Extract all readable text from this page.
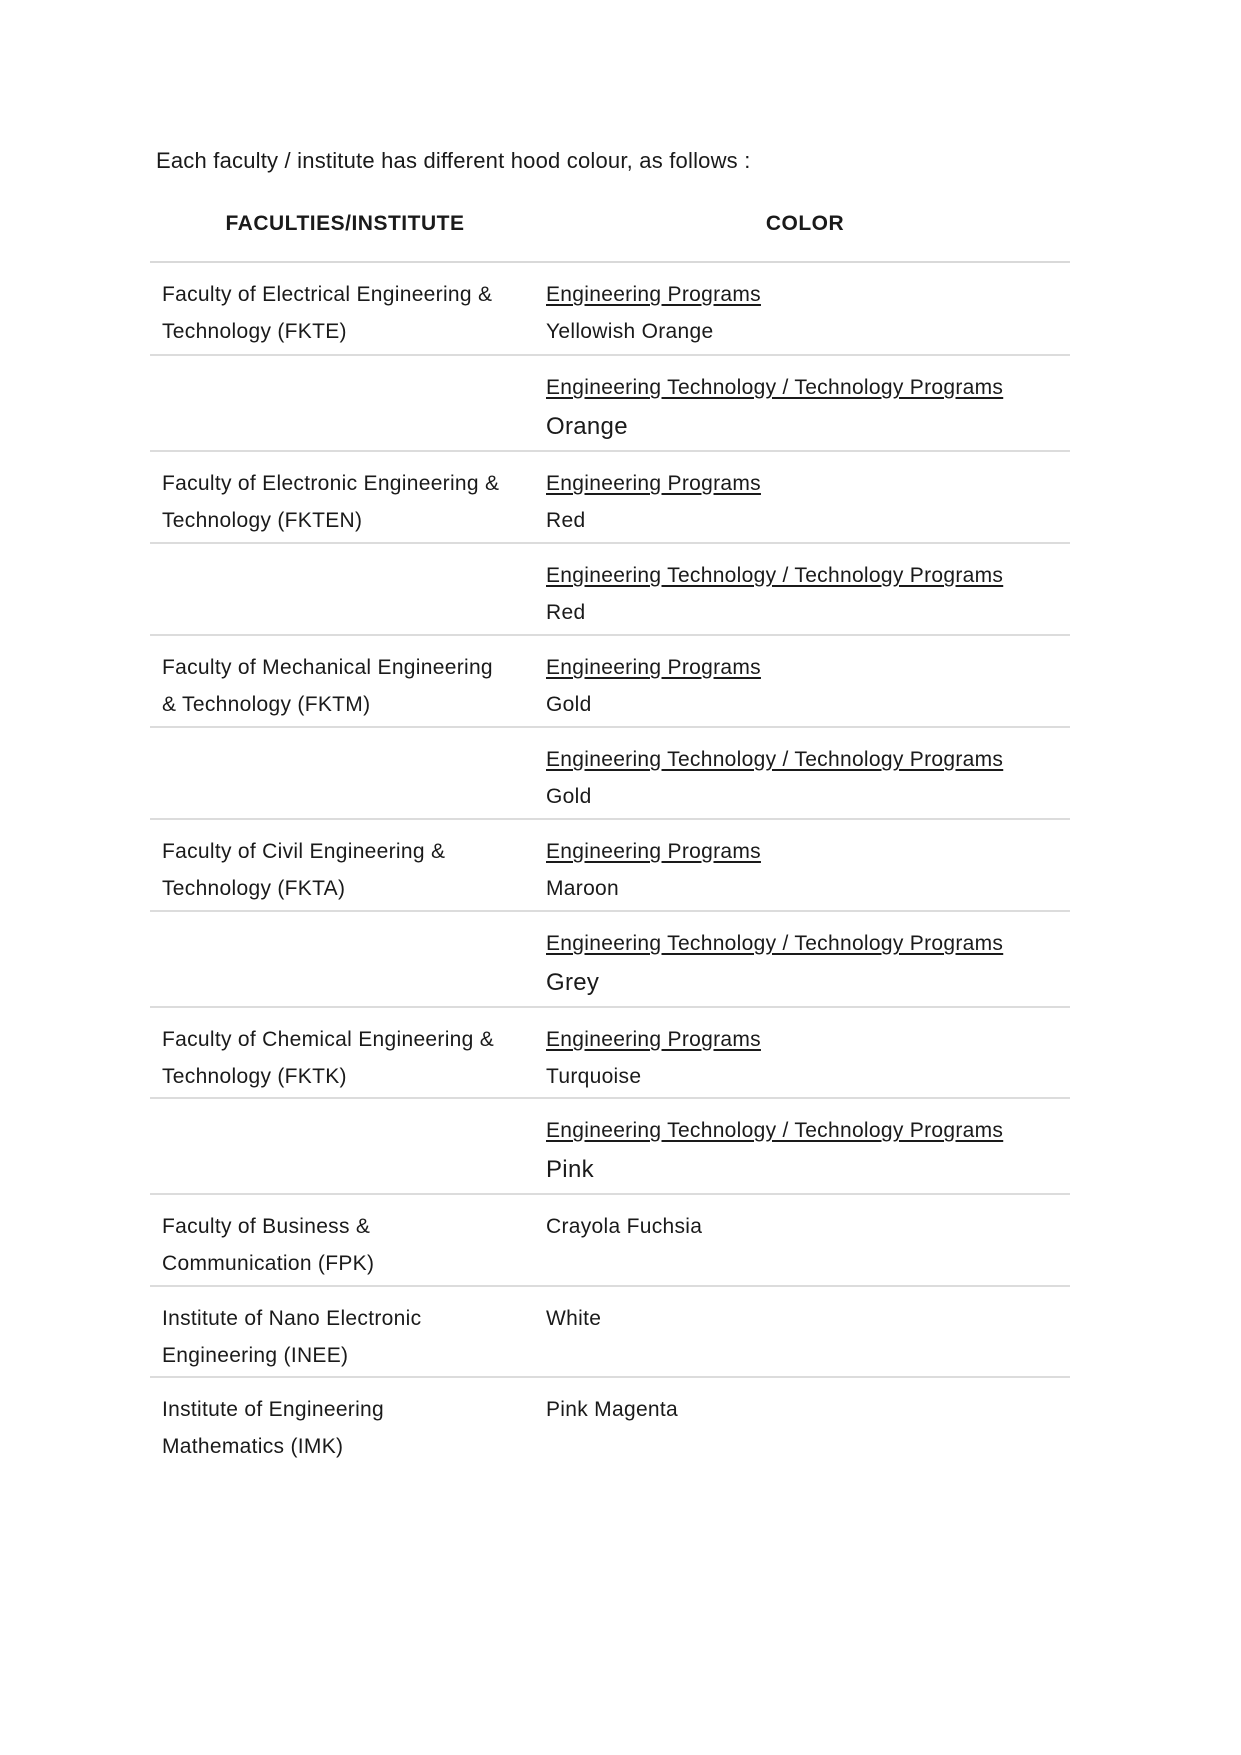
Each faculty / institute has different hood colour, as follows :
FACULTIES/INSTITUTE	COLOR
Faculty of Electrical Engineering &
Technology (FKTE)
Engineering Programs
Yellowish Orange
Engineering Technology / Technology Programs
Orange
Faculty of Electronic Engineering &
Technology (FKTEN)
Engineering Programs
Red
Engineering Technology / Technology Programs
Red
Faculty of Mechanical Engineering
& Technology (FKTM)
Engineering Programs
Gold
Engineering Technology / Technology Programs
Gold
Faculty of Civil Engineering &
Technology (FKTA)
Engineering Programs
Maroon
Engineering Technology / Technology Programs
Grey
Faculty of Chemical Engineering &
Technology (FKTK)
Engineering Programs
Turquoise
Engineering Technology / Technology Programs
Pink
Faculty of Business &
Communication (FPK)
Crayola Fuchsia
Institute of Nano Electronic
Engineering (INEE)
White
Institute of Engineering
Mathematics (IMK)
Pink Magenta
